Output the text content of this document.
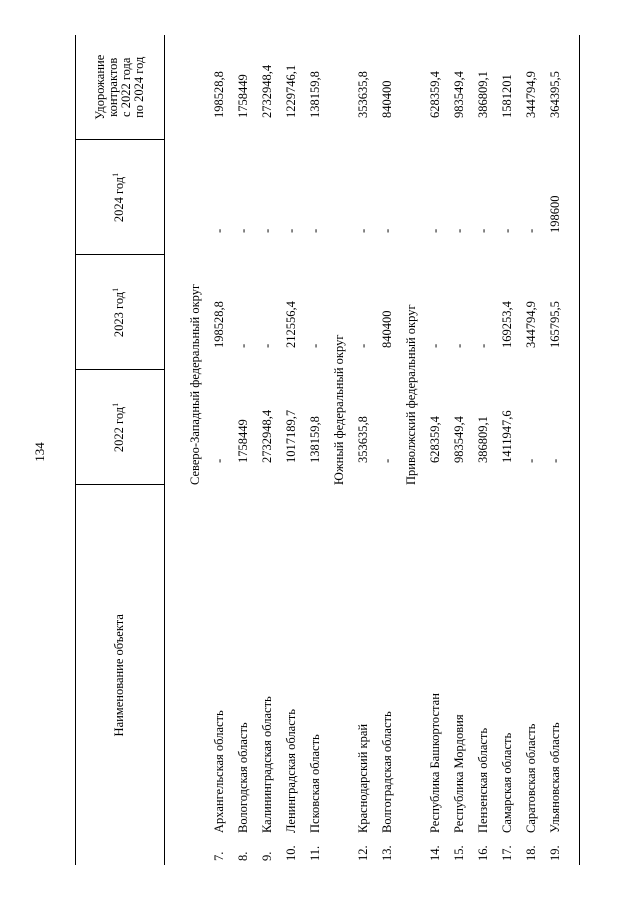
134
Наименование объекта	2022 год$^1$	2023 год$^1$	2024 год$^1$	Удорожание
контрактов
с 2022 года
по 2024 год

	Северо-Западный федеральный округ			
7.Архангельская область	-	198528,8	-	198528,8
8.Вологодская область	1758449	-	-	1758449
9.Калининградская область	2732948,4	-	-	2732948,4
10.Ленинградская область	1017189,7	212556,4	-	1229746,1
11.Псковская область	138159,8	-	-	138159,8
	Южный федеральный округ			
12.Краснодарский край	353635,8	-	-	353635,8
13.Волгоградская область	-	840400	-	840400
	Приволжский федеральный округ			
14.Республика Башкортостан	628359,4	-	-	628359,4
15.Республика Мордовия	983549,4	-	-	983549,4
16.Пензенская область	386809,1	-	-	386809,1
17.Самарская область	1411947,6	169253,4	-	1581201
18.Саратовская область	-	344794,9	-	344794,9
19.Ульяновская область	-	165795,5	198600	364395,5
